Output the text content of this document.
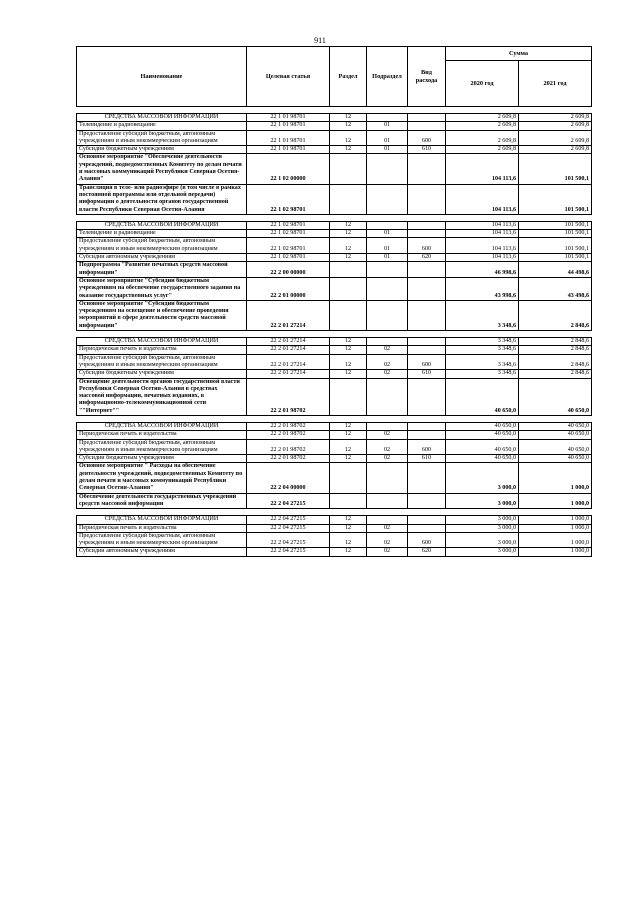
911
Наименование	Целевая статья	Раздел	Подраздел	Вид расхода	Сумма	
					2020 год	2021 год

СРЕДСТВА МАССОВОЙ ИНФОРМАЦИИ	22 1 01 98701	12			2 609,8	2 609,8
Телевидение и радиовещание	22 1 01 98701	12	01		2 609,8	2 609,8
Предоставление субсидий бюджетным, автономным учреждениям и иным некоммерческим организациям	22 1 01 98701	12	01	600	2 609,8	2 609,8
Субсидии бюджетным учреждениям	22 1 01 98701	12	01	610	2 609,8	2 609,8
Основное мероприятие "Обеспечение деятельности учреждений, подведомственных Комитету по делам печати и массовых коммуникаций Республики Северная Осетия-Алания"	22 1 02 00000				104 113,6	101 500,1
Трансляция в теле- или радиоэфире (в том числе в рамках постоянной программы или отдельной передачи) информации о деятельности органов государственной власти Республики Северная Осетия-Алания	22 1 02 98701				104 113,6	101 500,1

СРЕДСТВА МАССОВОЙ ИНФОРМАЦИИ	22 1 02 98701	12			104 113,6	101 500,1
Телевидение и радиовещание	22 1 02 98701	12	01		104 113,6	101 500,1
Предоставление субсидий бюджетным, автономным учреждениям и иным некоммерческим организациям	22 1 02 98701	12	01	600	104 113,6	101 500,1
Субсидии автономным учреждениям	22 1 02 98701	12	01	620	104 113,6	101 500,1
Подпрограмма "Развитие печатных средств массовой информации"	22 2 00 00000				46 998,6	44 498,6
Основное мероприятие "Субсидии бюджетным учреждениям на обеспечение государственного задания на оказание государственных услуг"	22 2 01 00000				43 998,6	43 498,6
Основное мероприятие "Субсидии бюджетным учреждениям на освещение и обеспечение проведения мероприятий в сфере деятельности средств массовой информации"	22 2 01 27214				3 348,6	2 848,6

СРЕДСТВА МАССОВОЙ ИНФОРМАЦИИ	22 2 01 27214	12			3 348,6	2 848,6
Периодическая печать и издательства	22 2 01 27214	12	02		3 348,6	2 848,6
Предоставление субсидий бюджетным, автономным учреждениям и иным некоммерческим организациям	22 2 01 27214	12	02	600	3 348,6	2 848,6
Субсидии бюджетным учреждениям	22 2 01 27214	12	02	610	3 348,6	2 848,6
Освещение деятельности органов государственной власти Республики Северная Осетия-Алания в средствах массовой информации, печатных изданиях, в информационно-телекоммуникационной сети ""Интернет""	22 2 01 98702				40 650,0	40 650,0

СРЕДСТВА МАССОВОЙ ИНФОРМАЦИИ	22 2 01 98702	12			40 650,0	40 650,0
Периодическая печать и издательства	22 2 01 98702	12	02		40 650,0	40 650,0
Предоставление субсидий бюджетным, автономным учреждениям и иным некоммерческим организациям	22 2 01 98702	12	02	600	40 650,0	40 650,0
Субсидии бюджетным учреждениям	22 2 01 98702	12	02	610	40 650,0	40 650,0
Основное мероприятие " Расходы на обеспечение деятельности учреждений, подведомственных Комитету по делам печати и массовых коммуникаций Республики Северная Осетия-Алания"	22 2 04 00000				3 000,0	1 000,0
Обеспечение деятельности государственных учреждений средств массовой информации	22 2 04 27215				3 000,0	1 000,0

СРЕДСТВА МАССОВОЙ ИНФОРМАЦИИ	22 2 04 27215	12			3 000,0	1 000,0
Периодическая печать и издательства	22 2 04 27215	12	02		3 000,0	1 000,0
Предоставление субсидий бюджетным, автономным учреждениям и иным некоммерческим организациям	22 2 04 27215	12	02	600	3 000,0	1 000,0
Субсидии автономным учреждениям	22 2 04 27215	12	02	620	3 000,0	1 000,0
